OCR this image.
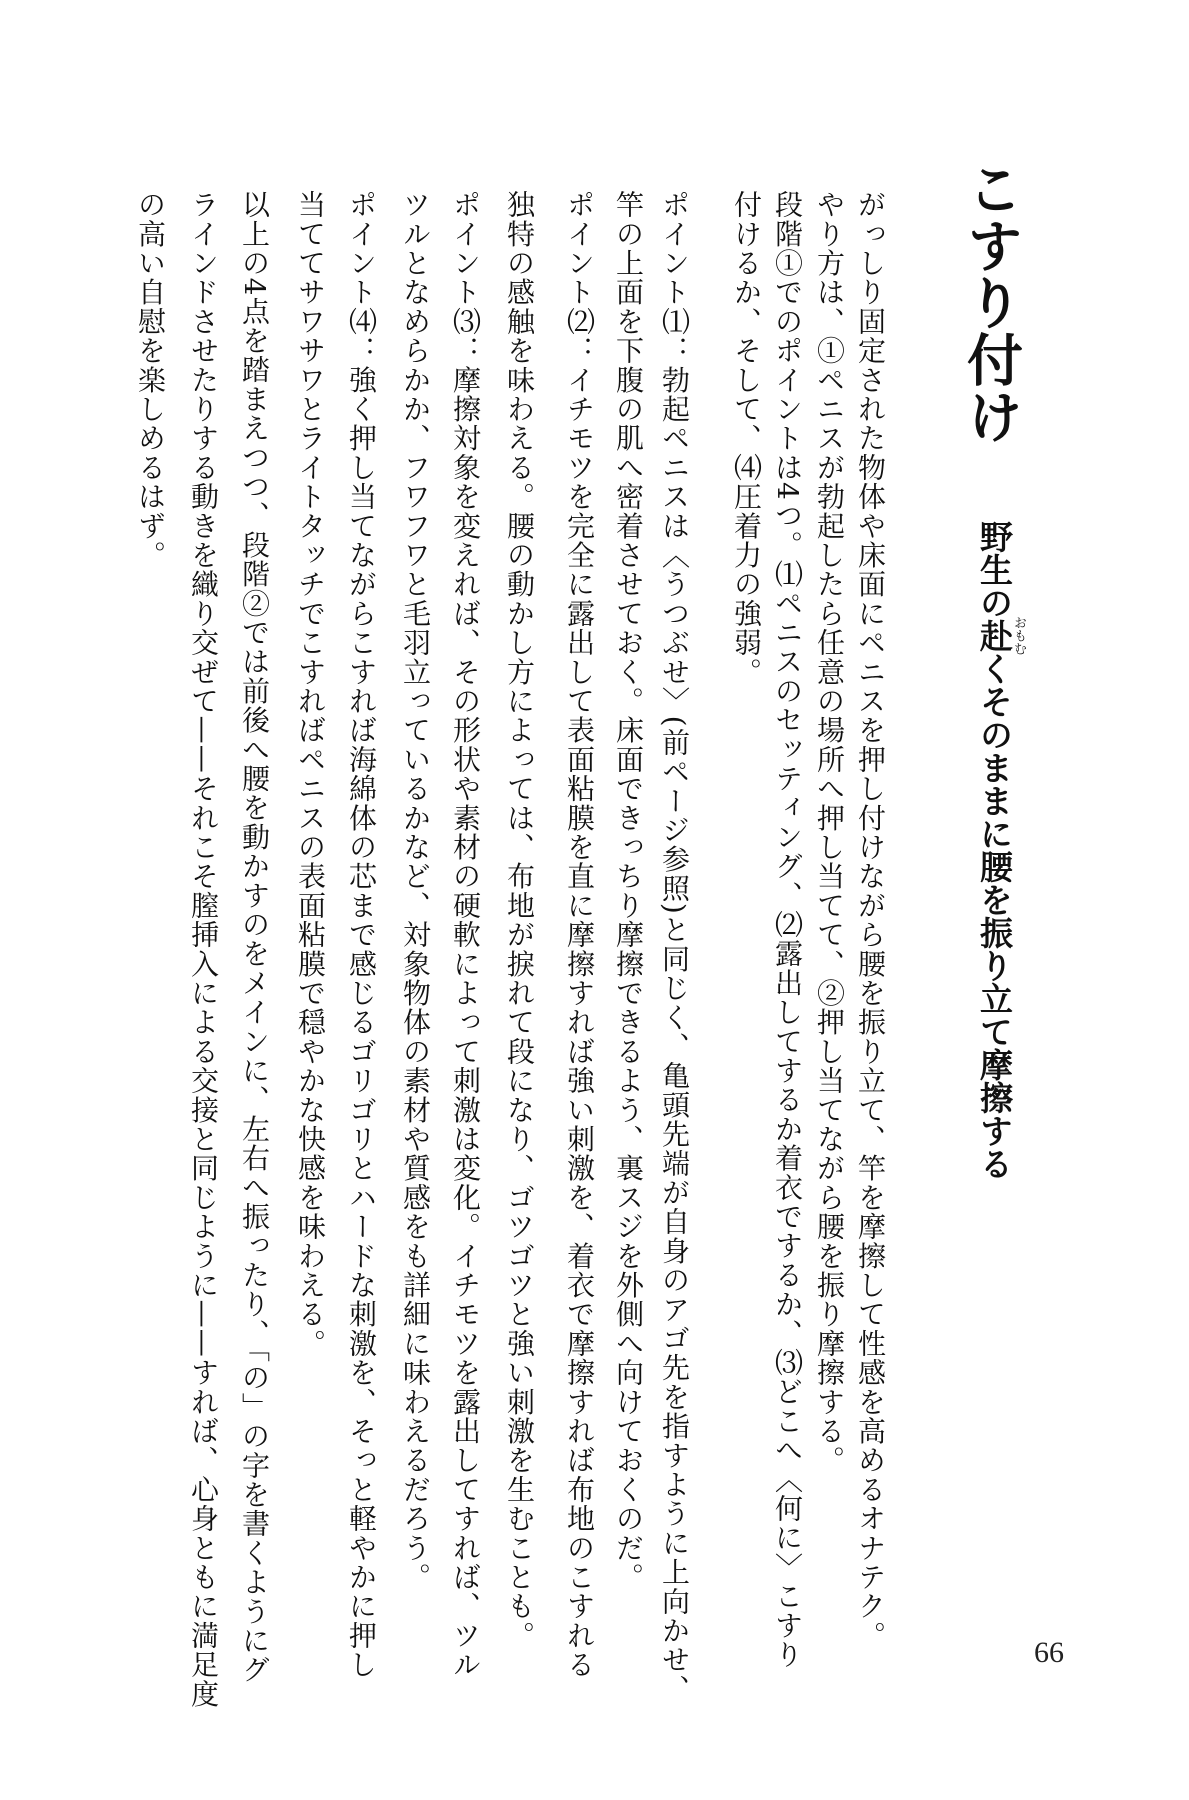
こすり付け
野生の赴おもむくそのままに腰を振り立て摩擦する
がっしり固定された物体や床面にペニスを押し付けながら腰を振り立て、竿を摩擦して性感を高めるオナテク。
やり方は、①ペニスが勃起したら任意の場所へ押し当てて、②押し当てながら腰を振り摩擦する。
段階①でのポイントは4つ。⑴ペニスのセッティング、⑵露出してするか着衣でするか、⑶どこへ〈何に〉こすり
付けるか、そして、⑷圧着力の強弱。
ポイント⑴：勃起ペニスは〈うつぶせ〉(前ページ参照)と同じく、亀頭先端が自身のアゴ先を指すように上向かせ、
竿の上面を下腹の肌へ密着させておく。床面できっちり摩擦できるよう、裏スジを外側へ向けておくのだ。
ポイント⑵：イチモツを完全に露出して表面粘膜を直に摩擦すれば強い刺激を、着衣で摩擦すれば布地のこすれる
独特の感触を味わえる。腰の動かし方によっては、布地が捩れて段になり、ゴツゴツと強い刺激を生むことも。
ポイント⑶：摩擦対象を変えれば、その形状や素材の硬軟によって刺激は変化。イチモツを露出してすれば、ツル
ツルとなめらかか、フワフワと毛羽立っているかなど、対象物体の素材や質感をも詳細に味わえるだろう。
ポイント⑷：強く押し当てながらこすれば海綿体の芯まで感じるゴリゴリとハードな刺激を、そっと軽やかに押し
当ててサワサワとライトタッチでこすればペニスの表面粘膜で穏やかな快感を味わえる。
以上の4点を踏まえつつ、段階②では前後へ腰を動かすのをメインに、左右へ振ったり、「の」の字を書くようにグ
ラインドさせたりする動きを織り交ぜて——それこそ膣挿入による交接と同じように——すれば、心身ともに満足度
の高い自慰を楽しめるはず。
66
